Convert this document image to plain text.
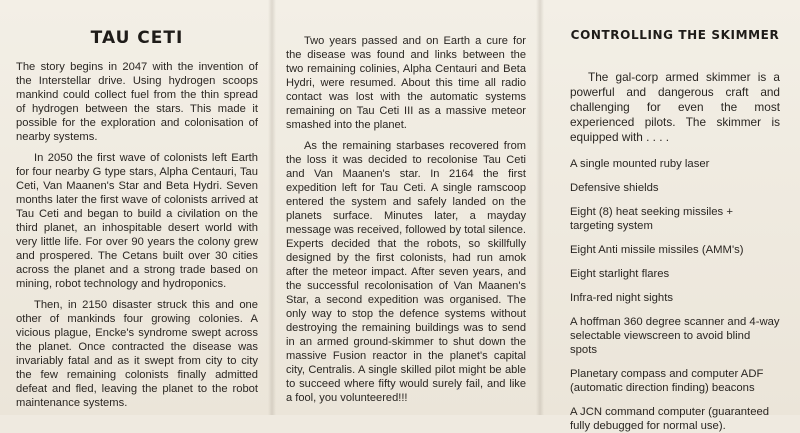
TAU CETI

The story begins in 2047 with the invention of the Interstellar drive. Using hydrogen scoops mankind could collect fuel from the thin spread of hydrogen between the stars. This made it possible for the exploration and colonisation of nearby systems.

In 2050 the first wave of colonists left Earth for four nearby G type stars, Alpha Centauri, Tau Ceti, Van Maanen's Star and Beta Hydri. Seven months later the first wave of colonists arrived at Tau Ceti and began to build a civilation on the third planet, an inhospitable desert world with very little life. For over 90 years the colony grew and prospered. The Cetans built over 30 cities across the planet and a strong trade based on mining, robot technology and hydroponics.

Then, in 2150 disaster struck this and one other of mankinds four growing colonies. A vicious plague, Encke's syndrome swept across the planet. Once contracted the disease was invariably fatal and as it swept from city to city the few remaining colonists finally admitted defeat and fled, leaving the planet to the robot maintenance systems.

Two years passed and on Earth a cure for the disease was found and links between the two remaining colinies, Alpha Centauri and Beta Hydri, were resumed. About this time all radio contact was lost with the automatic systems remaining on Tau Ceti III as a massive meteor smashed into the planet.

As the remaining starbases recovered from the loss it was decided to recolonise Tau Ceti and Van Maanen's star. In 2164 the first expedition left for Tau Ceti. A single ramscoop entered the system and safely landed on the planets surface. Minutes later, a mayday message was received, followed by total silence. Experts decided that the robots, so skillfully designed by the first colonists, had run amok after the meteor impact. After seven years, and the successful recolonisation of Van Maanen's Star, a second expedition was organised. The only way to stop the defence systems without destroying the remaining buildings was to send in an armed ground-skimmer to shut down the massive Fusion reactor in the planet's capital city, Centralis. A single skilled pilot might be able to succeed where fifty would surely fail, and like a fool, you volunteered!!!

CONTROLLING THE SKIMMER

The gal-corp armed skimmer is a powerful and dangerous craft and challenging for even the most experienced pilots. The skimmer is equipped with . . . .

A single mounted ruby laser
Defensive shields
Eight (8) heat seeking missiles + targeting system
Eight Anti missile missiles (AMM's)
Eight starlight flares
Infra-red night sights
A hoffman 360 degree scanner and 4-way selectable viewscreen to avoid blind spots
Planetary compass and computer ADF (automatic direction finding) beacons
A JCN command computer (guaranteed fully debugged for normal use).
